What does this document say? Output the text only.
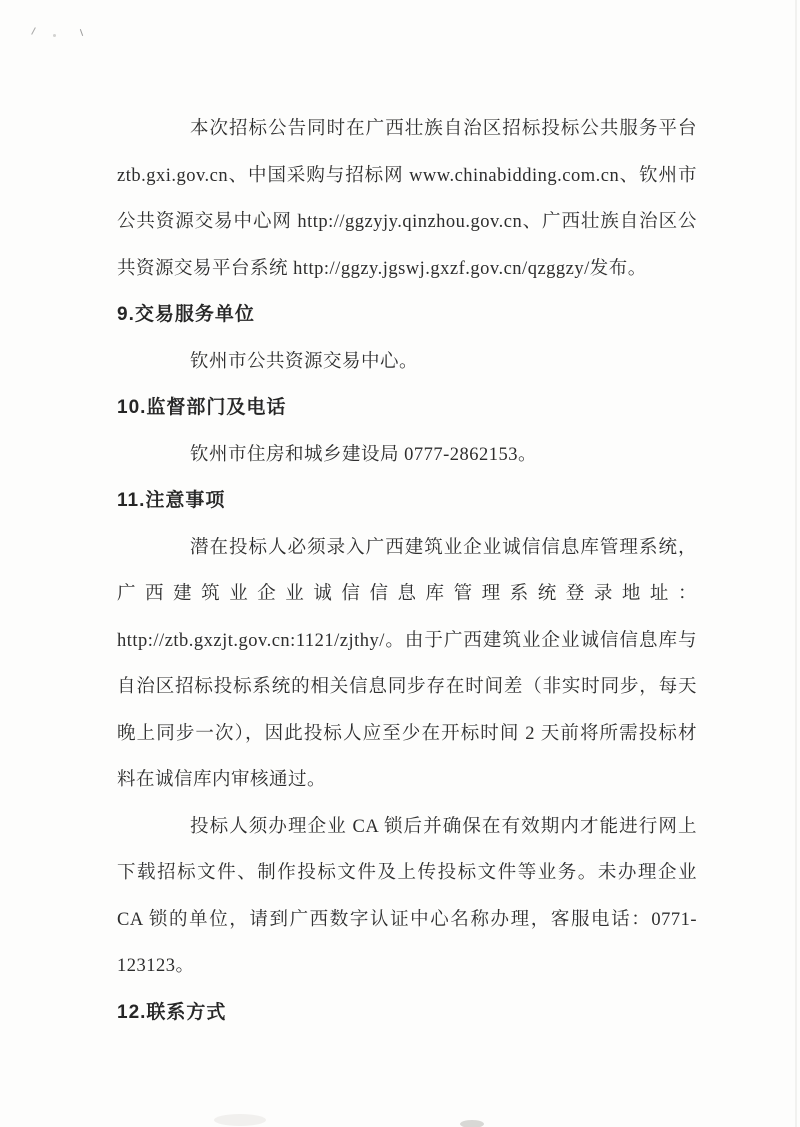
本次招标公告同时在广西壮族自治区招标投标公共服务平台 ztb.gxi.gov.cn、中国采购与招标网 www.chinabidding.com.cn、钦州市公共资源交易中心网 http://ggzyjy.qinzhou.gov.cn、广西壮族自治区公共资源交易平台系统 http://ggzy.jgswj.gxzf.gov.cn/qzggzy/发布。

9.交易服务单位

钦州市公共资源交易中心。

10.监督部门及电话

钦州市住房和城乡建设局 0777-2862153。

11.注意事项

潜在投标人必须录入广西建筑业企业诚信信息库管理系统，广西建筑业企业诚信信息库管理系统登录地址：http://ztb.gxzjt.gov.cn:1121/zjthy/。由于广西建筑业企业诚信信息库与自治区招标投标系统的相关信息同步存在时间差（非实时同步，每天晚上同步一次），因此投标人应至少在开标时间 2 天前将所需投标材料在诚信库内审核通过。

投标人须办理企业 CA 锁后并确保在有效期内才能进行网上下载招标文件、制作投标文件及上传投标文件等业务。未办理企业 CA 锁的单位，请到广西数字认证中心名称办理，客服电话：0771-123123。

12.联系方式
